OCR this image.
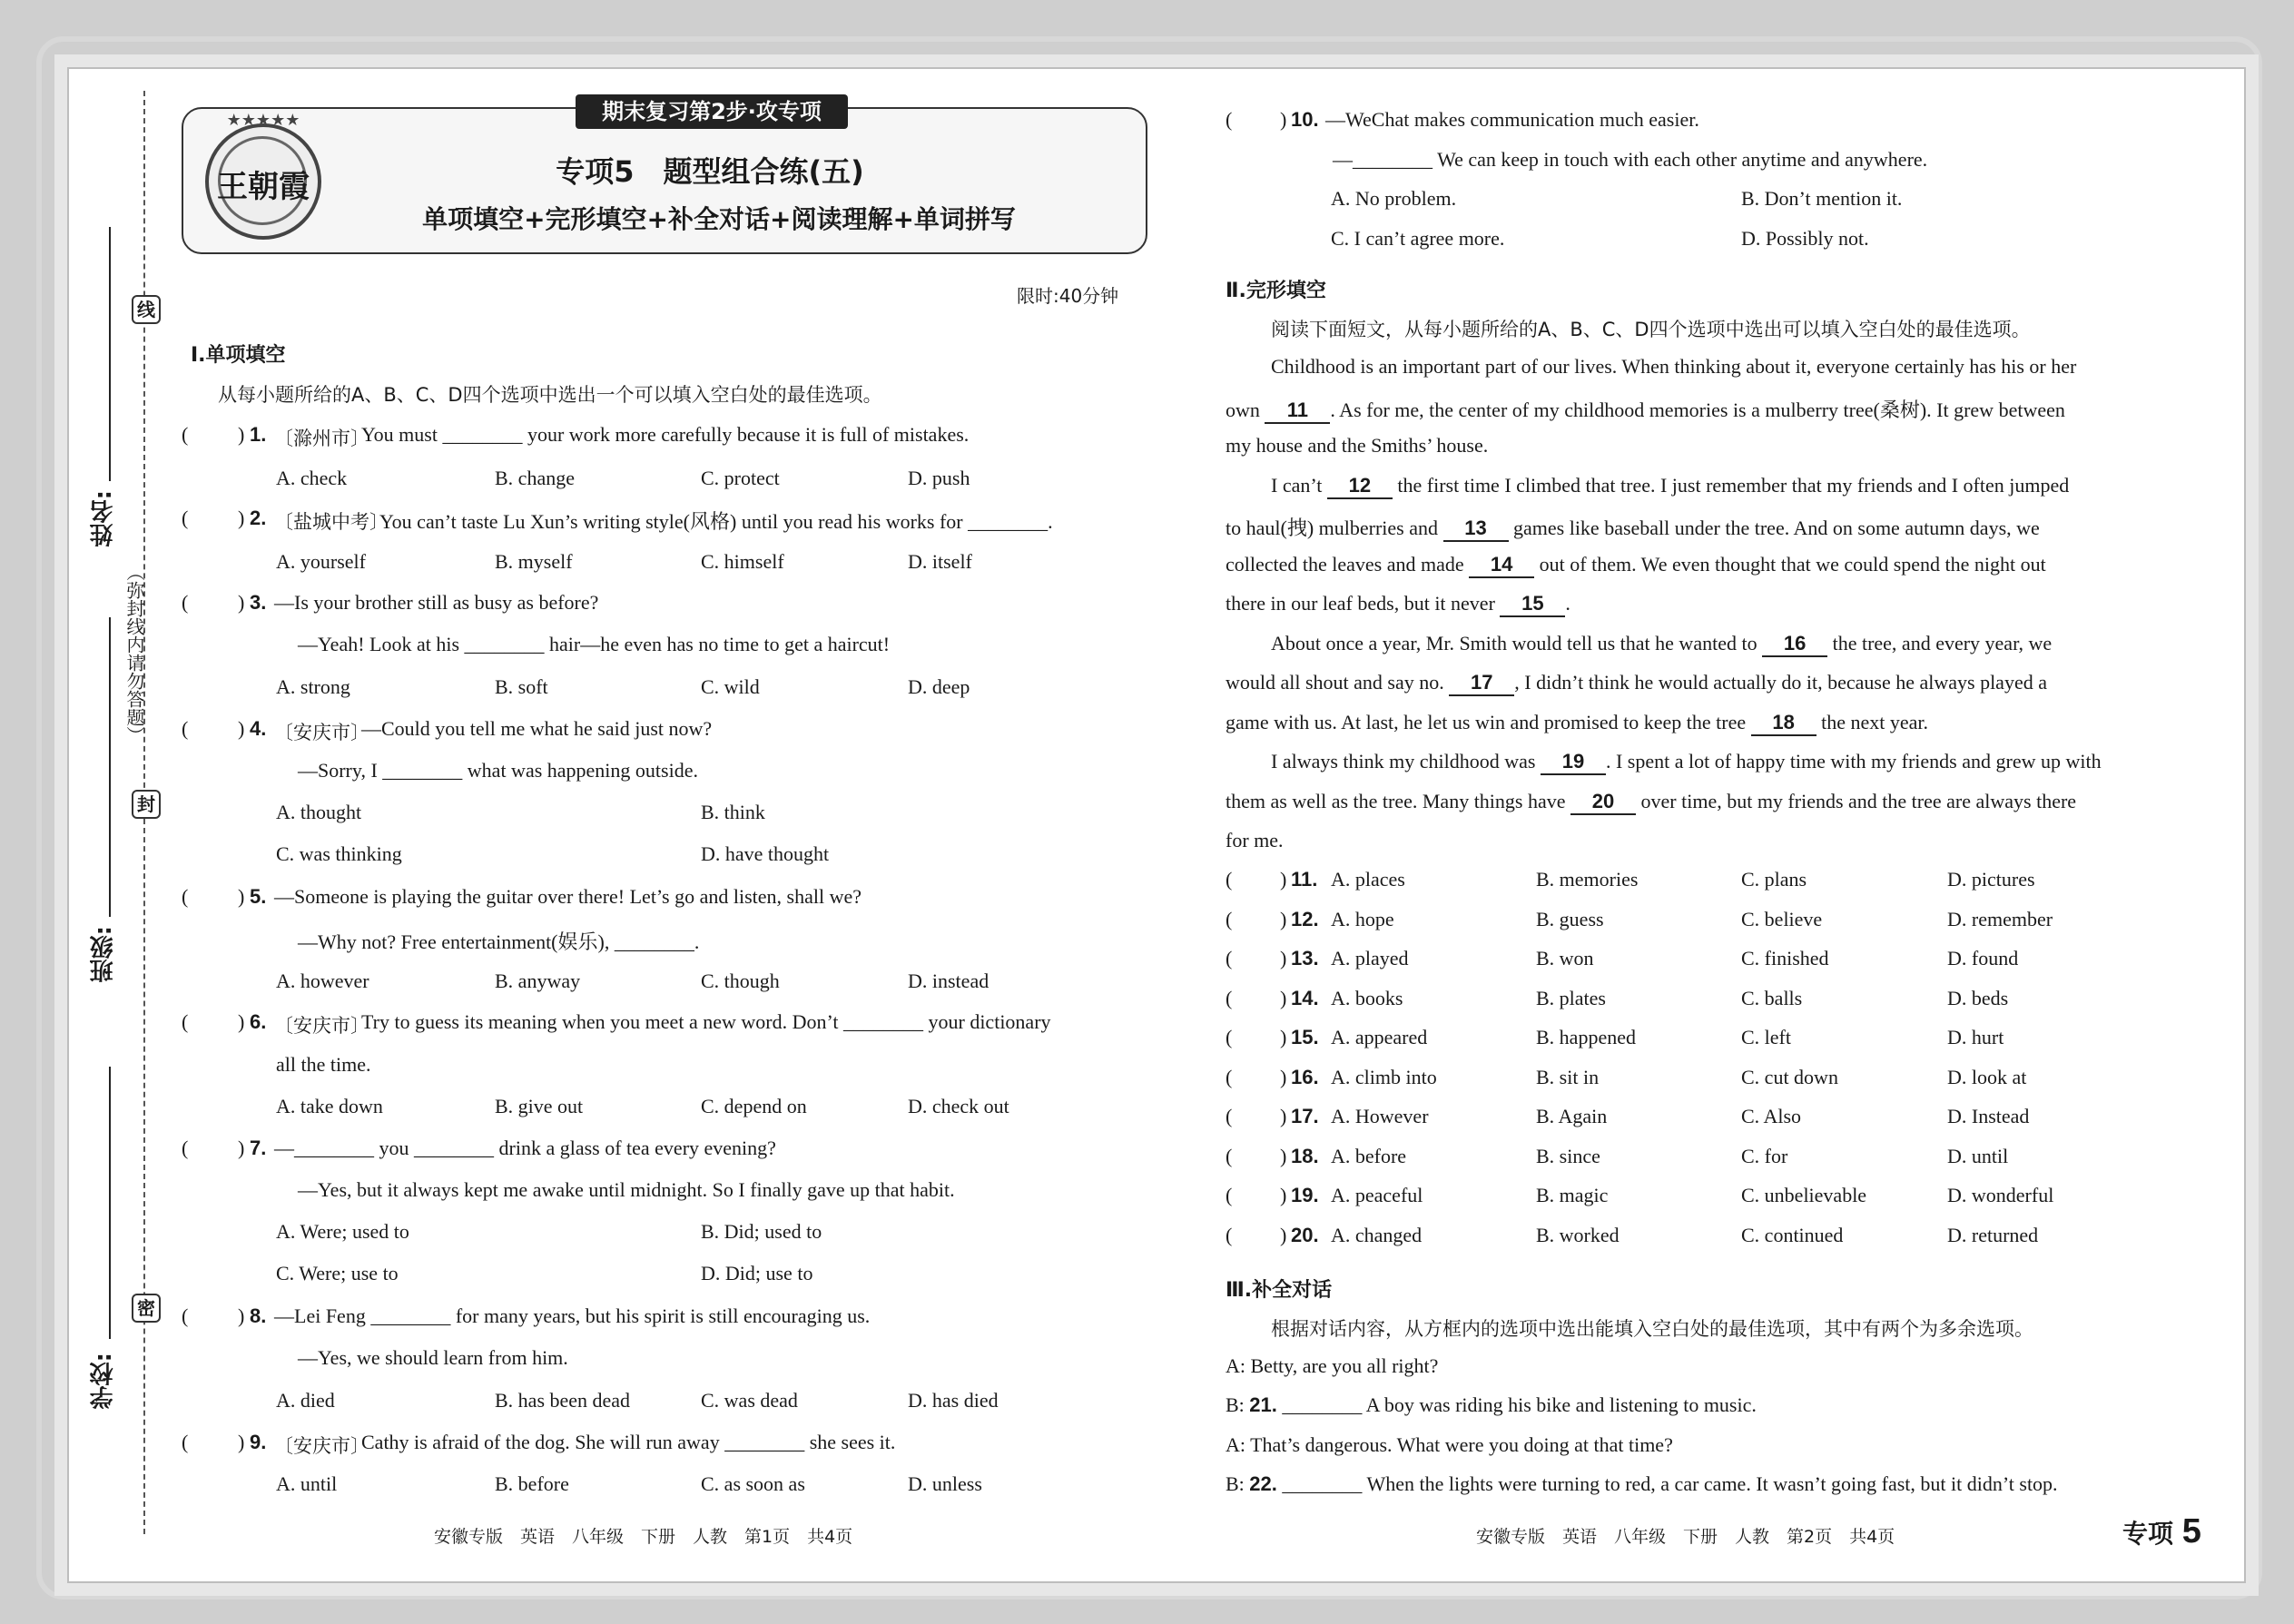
线
封
密
（弥封线内请勿答题）
姓名:
班级:
学校:
王朝霞
★★★★★	期末复习第2步·攻专项
专项5　题型组合练(五)
单项填空+完形填空+补全对话+阅读理解+单词拼写
限时:40分钟
Ⅰ.单项填空
从每小题所给的A、B、C、D四个选项中选出一个可以填入空白处的最佳选项。
( ) 1. 〔滁州市〕
You must ________ your work more carefully because it is full of mistakes.
A. check	B. change	C. protect	D. push
( ) 2. 〔盐城中考〕
You can’t taste Lu Xun’s writing style(风格) until you read his works for ________.
A. yourself	B. myself	C. himself	D. itself
( ) 3. —Is your brother still as busy as before?
—Yeah! Look at his ________ hair—he even has no time to get a haircut!
A. strong	B. soft	C. wild	D. deep
( ) 4. 〔安庆市〕
—Could you tell me what he said just now?
—Sorry, I ________ what was happening outside.
A. thought	B. think
C. was thinking	D. have thought
( ) 5. —Someone is playing the guitar over there! Let’s go and listen, shall we?
—Why not? Free entertainment(娱乐), ________.
A. however	B. anyway	C. though	D. instead
( ) 6. 〔安庆市〕
Try to guess its meaning when you meet a new word. Don’t ________ your dictionary
all the time.
A. take down	B. give out	C. depend on	D. check out
( ) 7. —________ you ________ drink a glass of tea every evening?
—Yes, but it always kept me awake until midnight. So I finally gave up that habit.
A. Were; used to	B. Did; used to
C. Were; use to	D. Did; use to
( ) 8. —Lei Feng ________ for many years, but his spirit is still encouraging us.
—Yes, we should learn from him.
A. died	B. has been dead	C. was dead	D. has died
( ) 9. 〔安庆市〕
Cathy is afraid of the dog. She will run away ________ she sees it.
A. until	B. before	C. as soon as	D. unless
安徽专版　英语　八年级　下册　人教　第1页　共4页
( ) 10. —WeChat makes communication much easier.
—________ We can keep in touch with each other anytime and anywhere.
A. No problem.	B. Don’t mention it.
C. I can’t agree more.	D. Possibly not.
Ⅱ.完形填空
阅读下面短文，从每小题所给的A、B、C、D四个选项中选出可以填入空白处的最佳选项。
Childhood is an important part of our lives. When thinking about it, everyone certainly has his or her
own 11 . As for me, the center of my childhood memories is a mulberry tree(桑树). It grew between
my house and the Smiths’ house.
I can’t 12 the first time I climbed that tree. I just remember that my friends and I often jumped
to haul(拽) mulberries and 13 games like baseball under the tree. And on some autumn days, we
collected the leaves and made 14 out of them. We even thought that we could spend the night out
there in our leaf beds, but it never 15 .
About once a year, Mr. Smith would tell us that he wanted to 16 the tree, and every year, we
would all shout and say no. 17 , I didn’t think he would actually do it, because he always played a
game with us. At last, he let us win and promised to keep the tree 18 the next year.
I always think my childhood was 19 . I spent a lot of happy time with my friends and grew up with
them as well as the tree. Many things have 20 over time, but my friends and the tree are always there
for me.
( ) 11. A. places	B. memories	C. plans	D. pictures
( ) 12. A. hope	B. guess	C. believe	D. remember
( ) 13. A. played	B. won	C. finished	D. found
( ) 14. A. books	B. plates	C. balls	D. beds
( ) 15. A. appeared	B. happened	C. left	D. hurt
( ) 16. A. climb into	B. sit in	C. cut down	D. look at
( ) 17. A. However	B. Again	C. Also	D. Instead
( ) 18. A. before	B. since	C. for	D. until
( ) 19. A. peaceful	B. magic	C. unbelievable	D. wonderful
( ) 20. A. changed	B. worked	C. continued	D. returned
Ⅲ.补全对话
根据对话内容，从方框内的选项中选出能填入空白处的最佳选项，其中有两个为多余选项。
A: Betty, are you all right?
B: 21. ________ A boy was riding his bike and listening to music.
A: That’s dangerous. What were you doing at that time?
B: 22. ________ When the lights were turning to red, a car came. It wasn’t going fast, but it didn’t stop.
安徽专版　英语　八年级　下册　人教　第2页　共4页	专项 5
